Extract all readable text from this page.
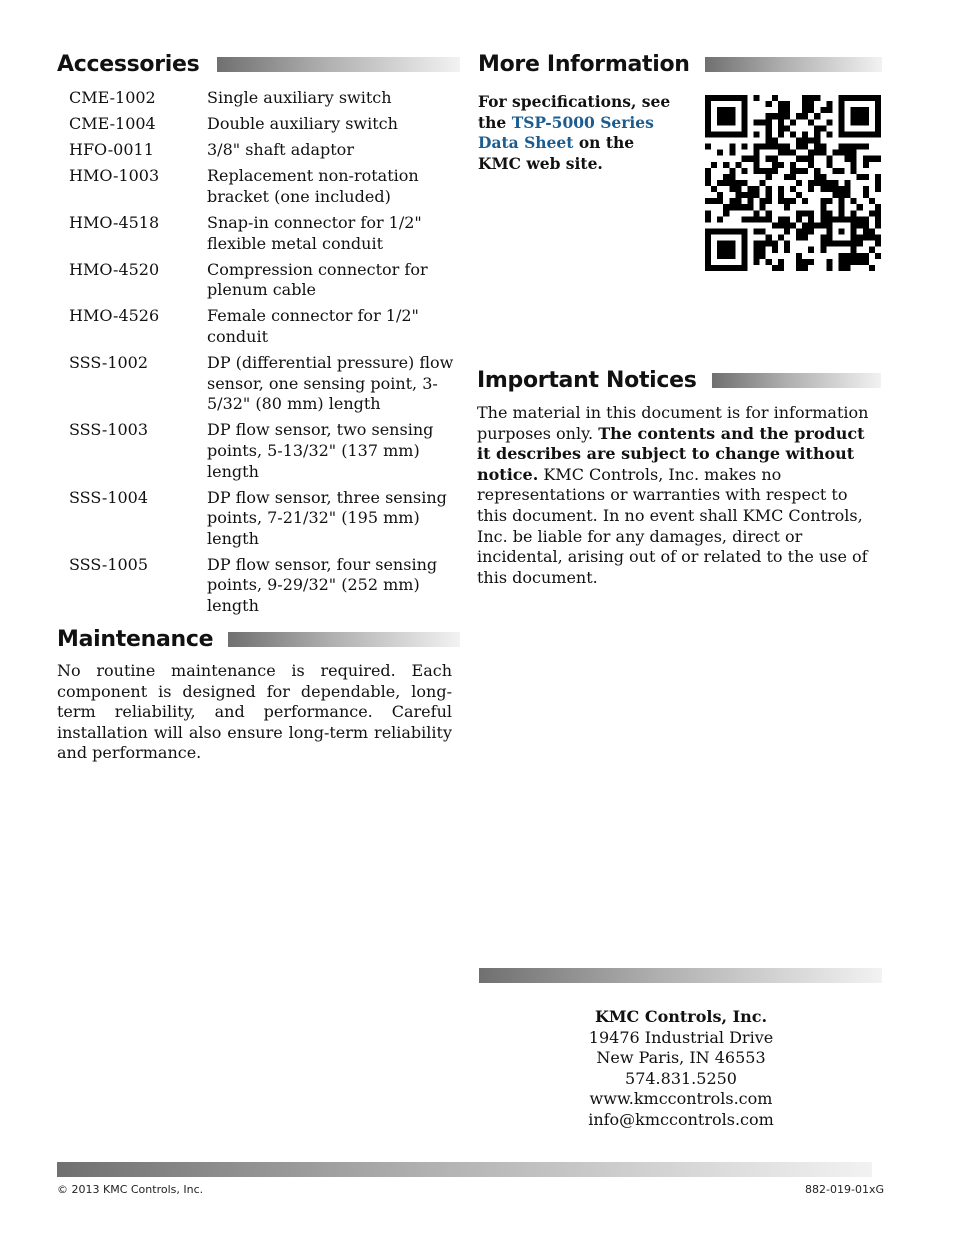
Accessories
CME-1002	Single auxiliary switch
CME-1004	Double auxiliary switch
HFO-0011	3/8" shaft adaptor
HMO-1003	Replacement non-rotation bracket (one included)
HMO-4518	Snap-in connector for 1/2" flexible metal conduit
HMO-4520	Compression connector for plenum cable
HMO-4526	Female connector for 1/2" conduit
SSS-1002	DP (differential pressure) flow sensor, one sensing point, 3-5/32" (80 mm) length
SSS-1003	DP flow sensor, two sensing points, 5-13/32" (137 mm) length
SSS-1004	DP flow sensor, three sensing points, 7-21/32" (195 mm) length
SSS-1005	DP flow sensor, four sensing points, 9-29/32" (252 mm) length
Maintenance
No routine maintenance is required. Each component is designed for dependable, long-term reliability, and performance. Careful installation will also ensure long-term reliability and performance.
More Information
For specifications, see the TSP-5000 Series Data Sheet on the KMC web site.
Important Notices
The material in this document is for information purposes only. The contents and the product it describes are subject to change without notice. KMC Controls, Inc. makes no representations or warranties with respect to this document. In no event shall KMC Controls, Inc. be liable for any damages, direct or incidental, arising out of or related to the use of this document.
KMC Controls, Inc.
19476 Industrial Drive
New Paris, IN 46553
574.831.5250
www.kmccontrols.com
info@kmccontrols.com
© 2013 KMC Controls, Inc.	882-019-01xG
